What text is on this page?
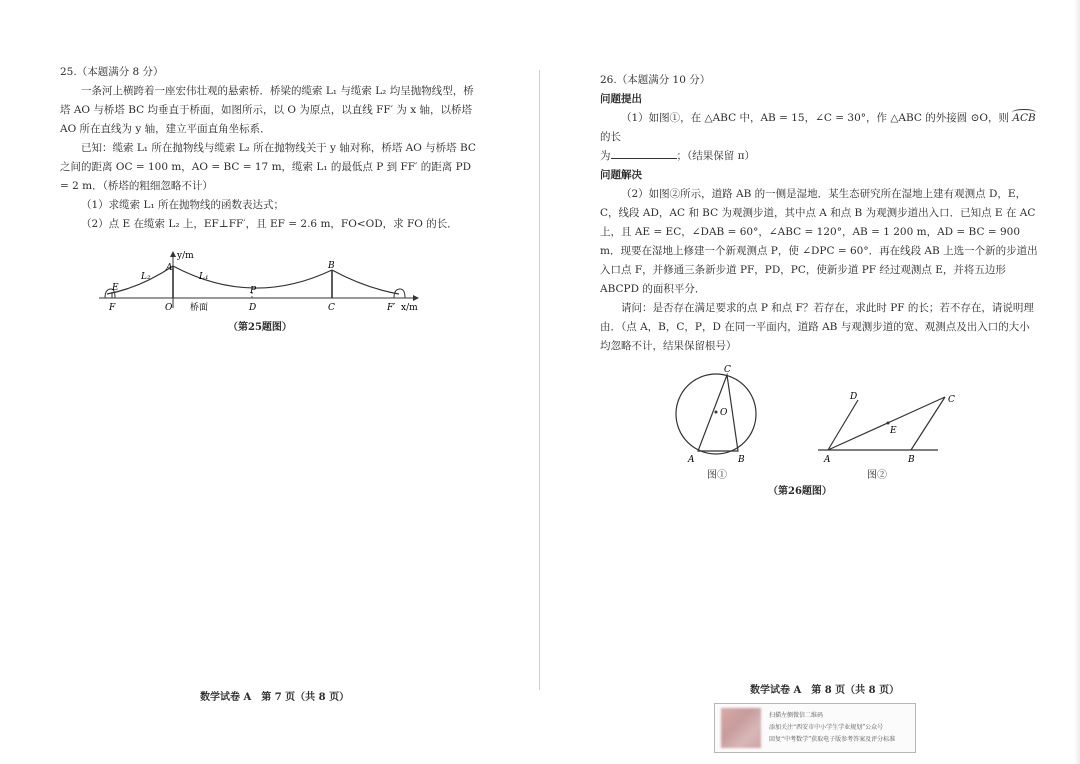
25.（本题满分 8 分）

一条河上横跨着一座宏伟壮观的悬索桥．桥梁的缆索 L₁ 与缆索 L₂ 均呈抛物线型，桥塔 AO 与桥塔 BC 均垂直于桥面，如图所示，以 O 为原点，以直线 FF′ 为 x 轴，以桥塔 AO 所在直线为 y 轴，建立平面直角坐标系．

已知：缆索 L₁ 所在抛物线与缆索 L₂ 所在抛物线关于 y 轴对称，桥塔 AO 与桥塔 BC 之间的距离 OC = 100 m，AO = BC = 17 m，缆索 L₁ 的最低点 P 到 FF′ 的距离 PD = 2 m．（桥塔的粗细忽略不计）

（1）求缆索 L₁ 所在抛物线的函数表达式；

（2）点 E 在缆索 L₂ 上，EF⊥FF′，且 EF = 2.6 m，FO<OD，求 FO 的长．

y/m
A	B
L₂	L₁
E	P
F	O 桥面	D	C	F′ x/m
（第25题图）
数学试卷 A　第 7 页（共 8 页）

26.（本题满分 10 分）

问题提出

（1）如图①，在 △ABC 中，AB = 15，∠C = 30°，作 △ABC 的外接圆 ⊙O，则
ACB 的长

为	；（结果保留 π）

问题解决

（2）如图②所示，道路 AB 的一侧是湿地．某生态研究所在湿地上建有观测点 D，E，C，线段 AD，AC 和 BC 为观测步道，其中点 A 和点 B 为观测步道出入口．已知点 E 在 AC 上，且 AE = EC，∠DAB = 60°，∠ABC = 120°，AB = 1 200 m，AD = BC = 900 m．现要在湿地上修建一个新观测点 P，使 ∠DPC = 60°．再在线段 AB 上选一个新的步道出入口点 F，并修通三条新步道 PF，PD，PC，使新步道 PF 经过观测点 E，并将五边形 ABCPD 的面积平分．

请问：是否存在满足要求的点 P 和点 F？若存在，求此时 PF 的长；若不存在，请说明理由．（点 A，B，C，P，D 在同一平面内，道路 AB 与观测步道的宽、观测点及出入口的大小均忽略不计，结果保留根号）

C
O
A	B
D	C
E
A	B
图①	图②
（第26题图）
数学试卷 A　第 8 页（共 8 页）

扫描左侧微信二维码

添加关注“西安市中小学生学业规划”公众号

回复“中考数学”获取电子版参考答案及评分标准
